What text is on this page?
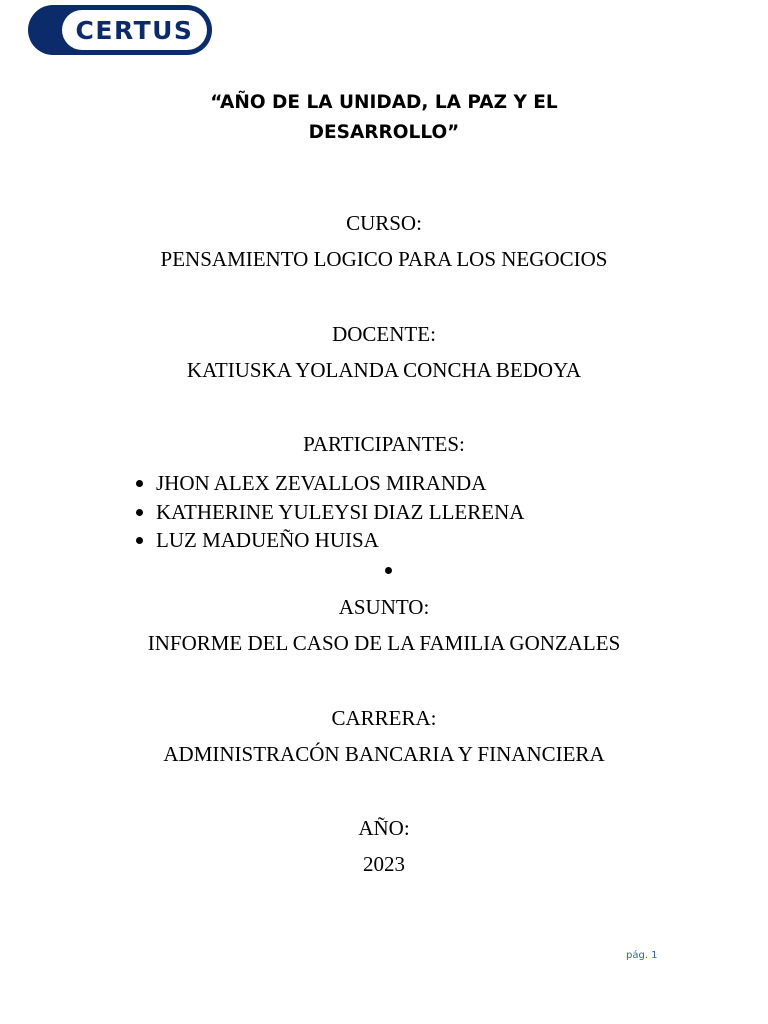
CERTUS
“AÑO DE LA UNIDAD, LA PAZ Y EL
DESARROLLO”
CURSO:
PENSAMIENTO LOGICO PARA LOS NEGOCIOS
DOCENTE:
KATIUSKA YOLANDA CONCHA BEDOYA
PARTICIPANTES:
JHON ALEX ZEVALLOS MIRANDA
KATHERINE YULEYSI DIAZ LLERENA
LUZ MADUEÑO HUISA
ASUNTO:
INFORME DEL CASO DE LA FAMILIA GONZALES
CARRERA:
ADMINISTRACÓN BANCARIA Y FINANCIERA
AÑO:
2023
pág. 1
